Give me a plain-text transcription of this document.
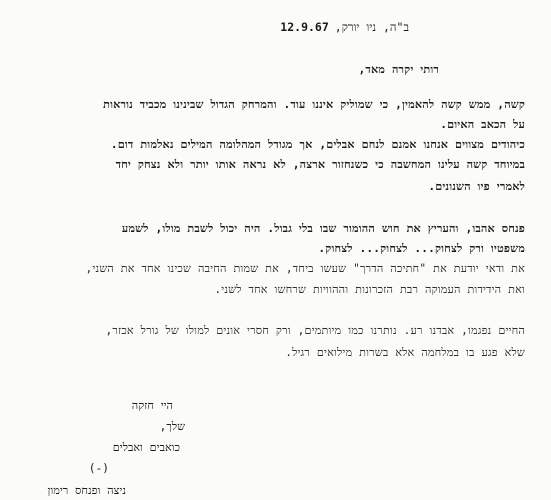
ב"ה, ניו יורק,12.9.67
רותי יקרה מאד,
קשה, ממש קשה להאמין, כי שמוליק איננו עוד. והמרחק הגדול שבינינו מכביד נוראות
על הכאב האיום.
כיהודים מצווים אנחנו אמנם לנחם אבלים, אך מגודל המהלומה המילים נאלמות דום.
במיוחד קשה עלינו המחשבה כי כשנחזור ארצה, לא נראה אותו יותר ולא נצחק יחד
לאמרי פיו השנונים.
פנחס אהבו, והעריץ את חוש ההומור שבו בלי גבול. היה יכול לשבת מולו, לשמע
משפטיו ורק לצחוק... לצחוק... לצחוק.
את ודאי יודעת את "חתיכה הדרך" שעשו ביחד, את שמות החיבה שכינו אחד את השני,
ואת הידידות העמוקה רבת הזכרונות וההוויות שרחשו אחד לשני.
החיים נפגמו, אבדנו רע. נותרנו כמו מיותמים, ורק חסרי אונים למולו של גורל אכזר,
שלא פגע בו במלחמה אלא בשרות מילואים רגיל.
היי חזקה
שלך,
כואבים ואבלים
(-)
ניצה ופנחס רימון
